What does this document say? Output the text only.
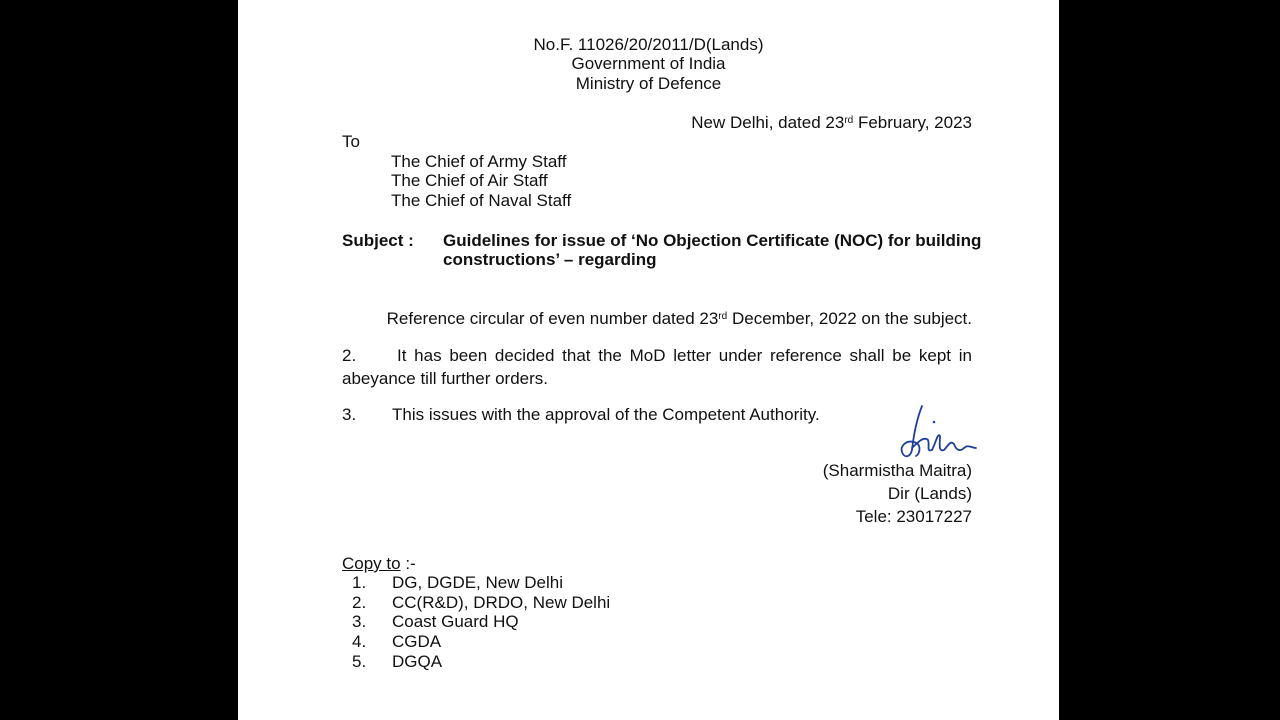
No.F. 11026/20/2011/D(Lands)
Government of India
Ministry of Defence
New Delhi, dated 23rd February, 2023
To
The Chief of Army Staff
The Chief of Air Staff
The Chief of Naval Staff
Subject : Guidelines for issue of ‘No Objection Certificate (NOC) for building
constructions’ – regarding
Reference circular of even number dated 23rd December, 2022 on the subject.
2. It has been decided that the MoD letter under reference shall be kept in
abeyance till further orders.
3. This issues with the approval of the Competent Authority.
(Sharmistha Maitra)
Dir (Lands)
Tele: 23017227
Copy to :-
1. DG, DGDE, New Delhi
2. CC(R&D), DRDO, New Delhi
3. Coast Guard HQ
4. CGDA
5. DGQA
